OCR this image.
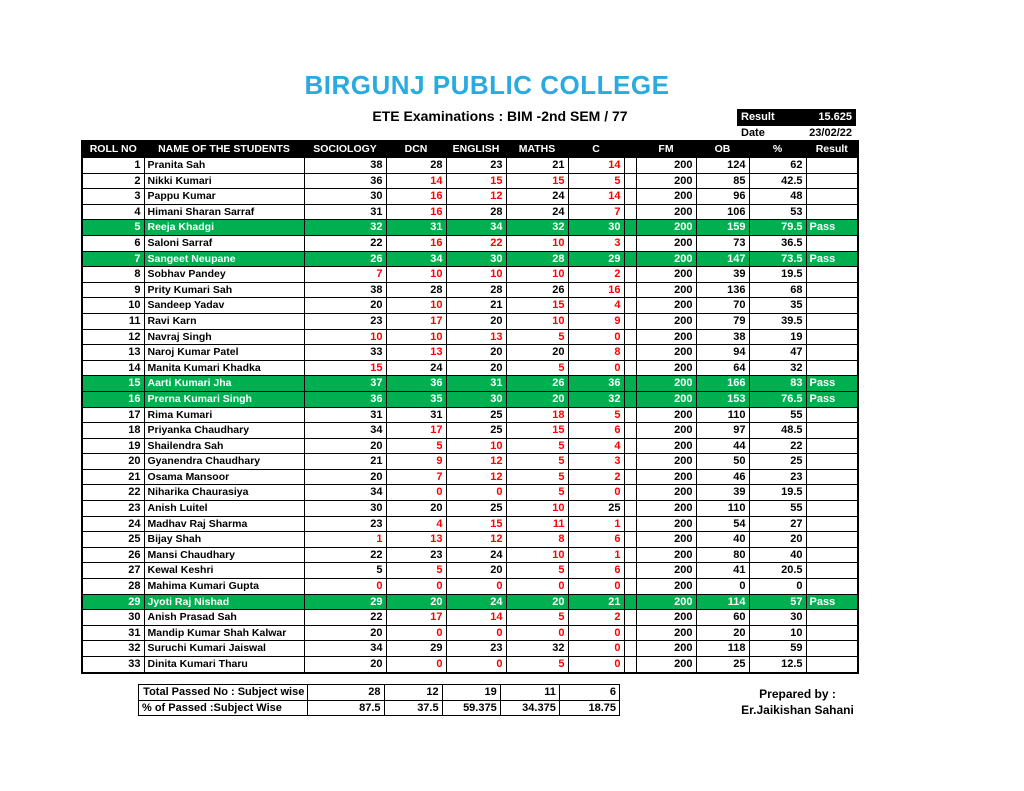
BIRGUNJ PUBLIC COLLEGE
ETE Examinations : BIM -2nd SEM / 77	Result	15.625
Date	23/02/22
ROLL NO	NAME OF THE STUDENTS	SOCIOLOGY	DCN	ENGLISH	MATHS	C		FM	OB	%	Result
1	Pranita Sah	38	28	23	21	14		200	124	62	
2	Nikki Kumari	36	14	15	15	5		200	85	42.5	
3	Pappu Kumar	30	16	12	24	14		200	96	48	
4	Himani Sharan Sarraf	31	16	28	24	7		200	106	53	
5	Reeja Khadgi	32	31	34	32	30		200	159	79.5	Pass
6	Saloni Sarraf	22	16	22	10	3		200	73	36.5	
7	Sangeet Neupane	26	34	30	28	29		200	147	73.5	Pass
8	Sobhav Pandey	7	10	10	10	2		200	39	19.5	
9	Prity Kumari Sah	38	28	28	26	16		200	136	68	
10	Sandeep Yadav	20	10	21	15	4		200	70	35	
11	Ravi Karn	23	17	20	10	9		200	79	39.5	
12	Navraj Singh	10	10	13	5	0		200	38	19	
13	Naroj Kumar Patel	33	13	20	20	8		200	94	47	
14	Manita Kumari Khadka	15	24	20	5	0		200	64	32	
15	Aarti Kumari Jha	37	36	31	26	36		200	166	83	Pass
16	Prerna Kumari Singh	36	35	30	20	32		200	153	76.5	Pass
17	Rima Kumari	31	31	25	18	5		200	110	55	
18	Priyanka Chaudhary	34	17	25	15	6		200	97	48.5	
19	Shailendra Sah	20	5	10	5	4		200	44	22	
20	Gyanendra Chaudhary	21	9	12	5	3		200	50	25	
21	Osama Mansoor	20	7	12	5	2		200	46	23	
22	Niharika Chaurasiya	34	0	0	5	0		200	39	19.5	
23	Anish Luitel	30	20	25	10	25		200	110	55	
24	Madhav Raj Sharma	23	4	15	11	1		200	54	27	
25	Bijay Shah	1	13	12	8	6		200	40	20	
26	Mansi Chaudhary	22	23	24	10	1		200	80	40	
27	Kewal Keshri	5	5	20	5	6		200	41	20.5	
28	Mahima Kumari Gupta	0	0	0	0	0		200	0	0	
29	Jyoti Raj Nishad	29	20	24	20	21		200	114	57	Pass
30	Anish Prasad Sah	22	17	14	5	2		200	60	30	
31	Mandip Kumar Shah Kalwar	20	0	0	0	0		200	20	10	
32	Suruchi Kumari Jaiswal	34	29	23	32	0		200	118	59	
33	Dinita Kumari Tharu	20	0	0	5	0		200	25	12.5	
Total Passed No : Subject wise	28	12	19	11	6
% of Passed :Subject Wise	87.5	37.5	59.375	34.375	18.75
Prepared by :
Er.Jaikishan Sahani
